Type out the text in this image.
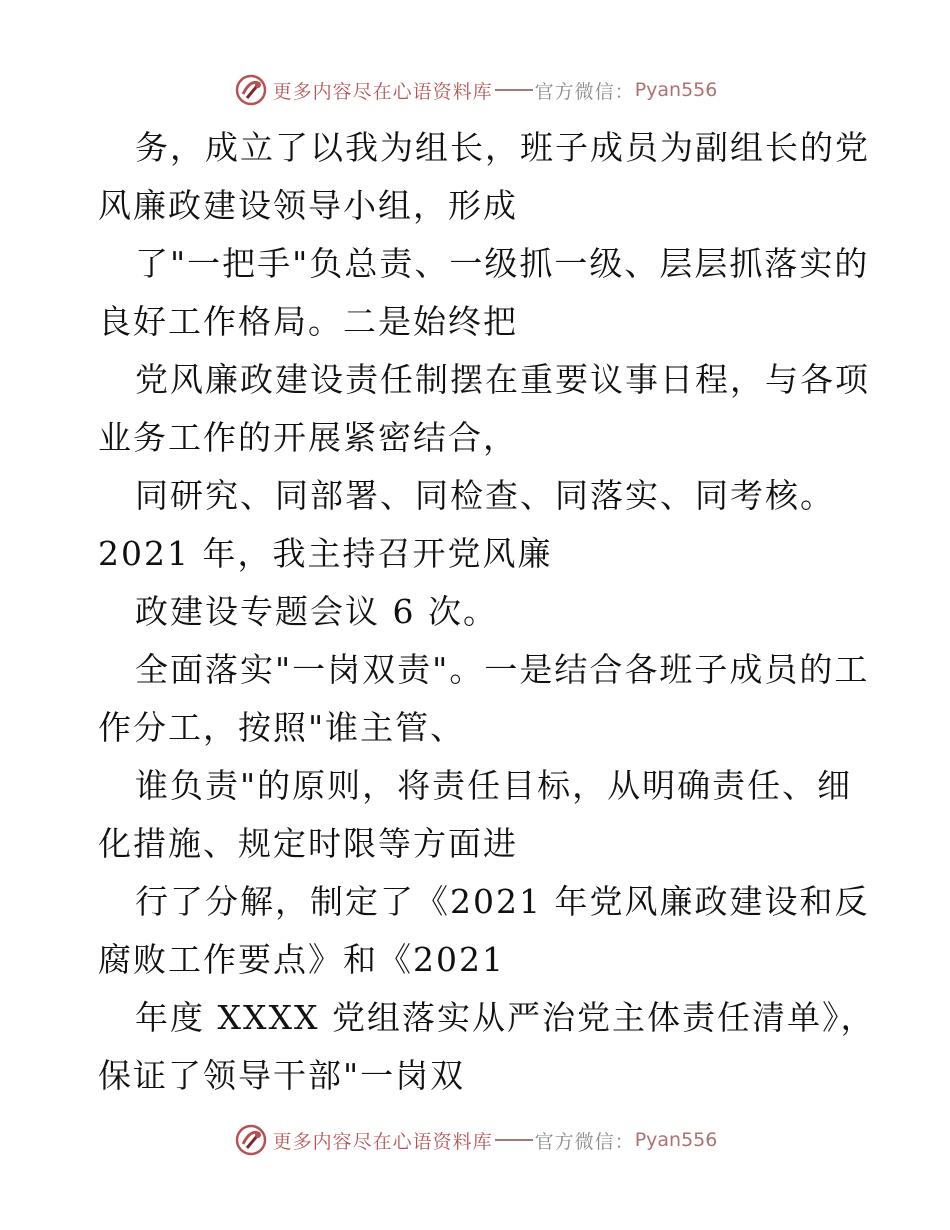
更多内容尽在心语资料库 官方微信： Pyan556
务，成立了以我为组长，班子成员为副组长的党
风廉政建设领导小组，形成
了"一把手"负总责、一级抓一级、层层抓落实的
良好工作格局。二是始终把
党风廉政建设责任制摆在重要议事日程，与各项
业务工作的开展紧密结合，
同研究、同部署、同检查、同落实、同考核。
2021 年，我主持召开党风廉
政建设专题会议 6 次。
全面落实"一岗双责"。一是结合各班子成员的工
作分工，按照"谁主管、
谁负责"的原则，将责任目标，从明确责任、细
化措施、规定时限等方面进
行了分解，制定了《2021 年党风廉政建设和反
腐败工作要点》和《2021
年度 XXXX 党组落实从严治党主体责任清单》，
保证了领导干部"一岗双
更多内容尽在心语资料库 官方微信： Pyan556
